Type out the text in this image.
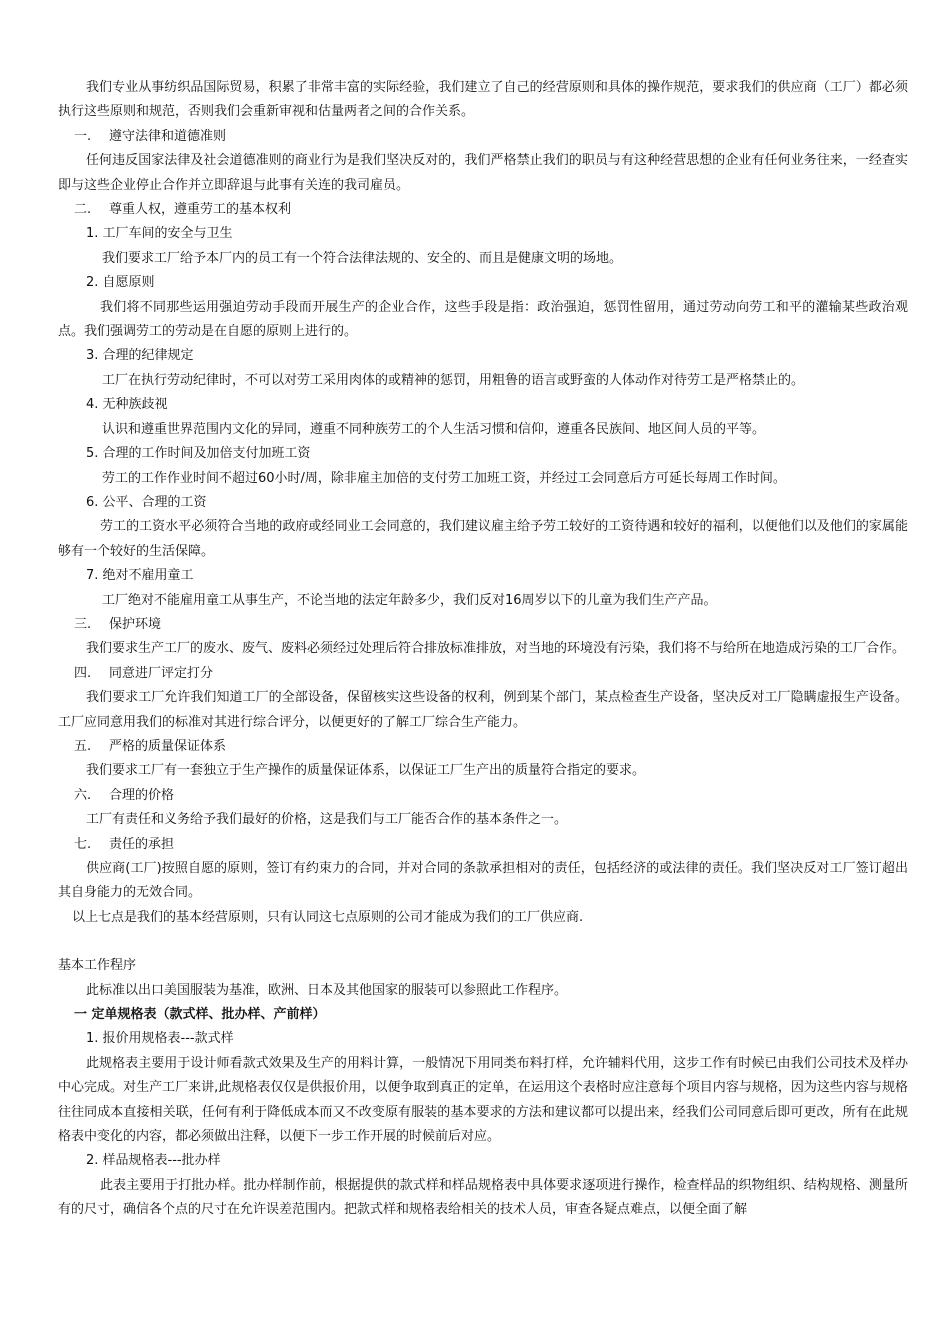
我们专业从事纺织品国际贸易，积累了非常丰富的实际经验，我们建立了自己的经营原则和具体的操作规范，要求我们的供应商（工厂）都必须执行这些原则和规范，否则我们会重新审视和估量两者之间的合作关系。

一. 遵守法律和道德准则

任何违反国家法律及社会道德准则的商业行为是我们坚决反对的，我们严格禁止我们的职员与有这种经营思想的企业有任何业务往来，一经查实即与这些企业停止合作并立即辞退与此事有关连的我司雇员。

二. 尊重人权，遵重劳工的基本权利

1. 工厂车间的安全与卫生

我们要求工厂给予本厂内的员工有一个符合法律法规的、安全的、而且是健康文明的场地。

2. 自愿原则

我们将不同那些运用强迫劳动手段而开展生产的企业合作，这些手段是指：政治强迫，惩罚性留用，通过劳动向劳工和平的灌输某些政治观点。我们强调劳工的劳动是在自愿的原则上进行的。

3. 合理的纪律规定

工厂在执行劳动纪律时，不可以对劳工采用肉体的或精神的惩罚，用粗鲁的语言或野蛮的人体动作对待劳工是严格禁止的。

4. 无种族歧视

认识和遵重世界范围内文化的异同，遵重不同种族劳工的个人生活习惯和信仰，遵重各民族间、地区间人员的平等。

5. 合理的工作时间及加倍支付加班工资

劳工的工作作业时间不超过60小时/周，除非雇主加倍的支付劳工加班工资，并经过工会同意后方可延长每周工作时间。

6. 公平、合理的工资

劳工的工资水平必须符合当地的政府或经同业工会同意的，我们建议雇主给予劳工较好的工资待遇和较好的福利，以便他们以及他们的家属能够有一个较好的生活保障。

7. 绝对不雇用童工

工厂绝对不能雇用童工从事生产，不论当地的法定年龄多少，我们反对16周岁以下的儿童为我们生产产品。

三. 保护环境

我们要求生产工厂的废水、废气、废料必须经过处理后符合排放标准排放，对当地的环境没有污染，我们将不与给所在地造成污染的工厂合作。

四. 同意进厂评定打分

我们要求工厂允许我们知道工厂的全部设备，保留核实这些设备的权利，例到某个部门，某点检查生产设备，坚决反对工厂隐瞒虚报生产设备。工厂应同意用我们的标准对其进行综合评分，以便更好的了解工厂综合生产能力。

五. 严格的质量保证体系

我们要求工厂有一套独立于生产操作的质量保证体系，以保证工厂生产出的质量符合指定的要求。

六. 合理的价格

工厂有责任和义务给予我们最好的价格，这是我们与工厂能否合作的基本条件之一。

七. 责任的承担

供应商(工厂)按照自愿的原则，签订有约束力的合同，并对合同的条款承担相对的责任，包括经济的或法律的责任。我们坚决反对工厂签订超出其自身能力的无效合同。

以上七点是我们的基本经营原则，只有认同这七点原则的公司才能成为我们的工厂供应商.

基本工作程序

此标准以出口美国服装为基准，欧洲、日本及其他国家的服装可以参照此工作程序。

一 定单规格表（款式样、批办样、产前样）

1. 报价用规格表---款式样

此规格表主要用于设计师看款式效果及生产的用料计算，一般情况下用同类布料打样，允许辅料代用，这步工作有时候已由我们公司技术及样办中心完成。对生产工厂来讲,此规格表仅仅是供报价用，以便争取到真正的定单，在运用这个表格时应注意每个项目内容与规格，因为这些内容与规格往往同成本直接相关联，任何有利于降低成本而又不改变原有服装的基本要求的方法和建议都可以提出来，经我们公司同意后即可更改，所有在此规格表中变化的内容，都必须做出注释，以便下一步工作开展的时候前后对应。

2. 样品规格表---批办样

此表主要用于打批办样。批办样制作前，根据提供的款式样和样品规格表中具体要求逐项进行操作，检查样品的织物组织、结构规格、测量所有的尺寸，确信各个点的尺寸在允许误差范围内。把款式样和规格表给相关的技术人员，审查各疑点难点，以便全面了解
